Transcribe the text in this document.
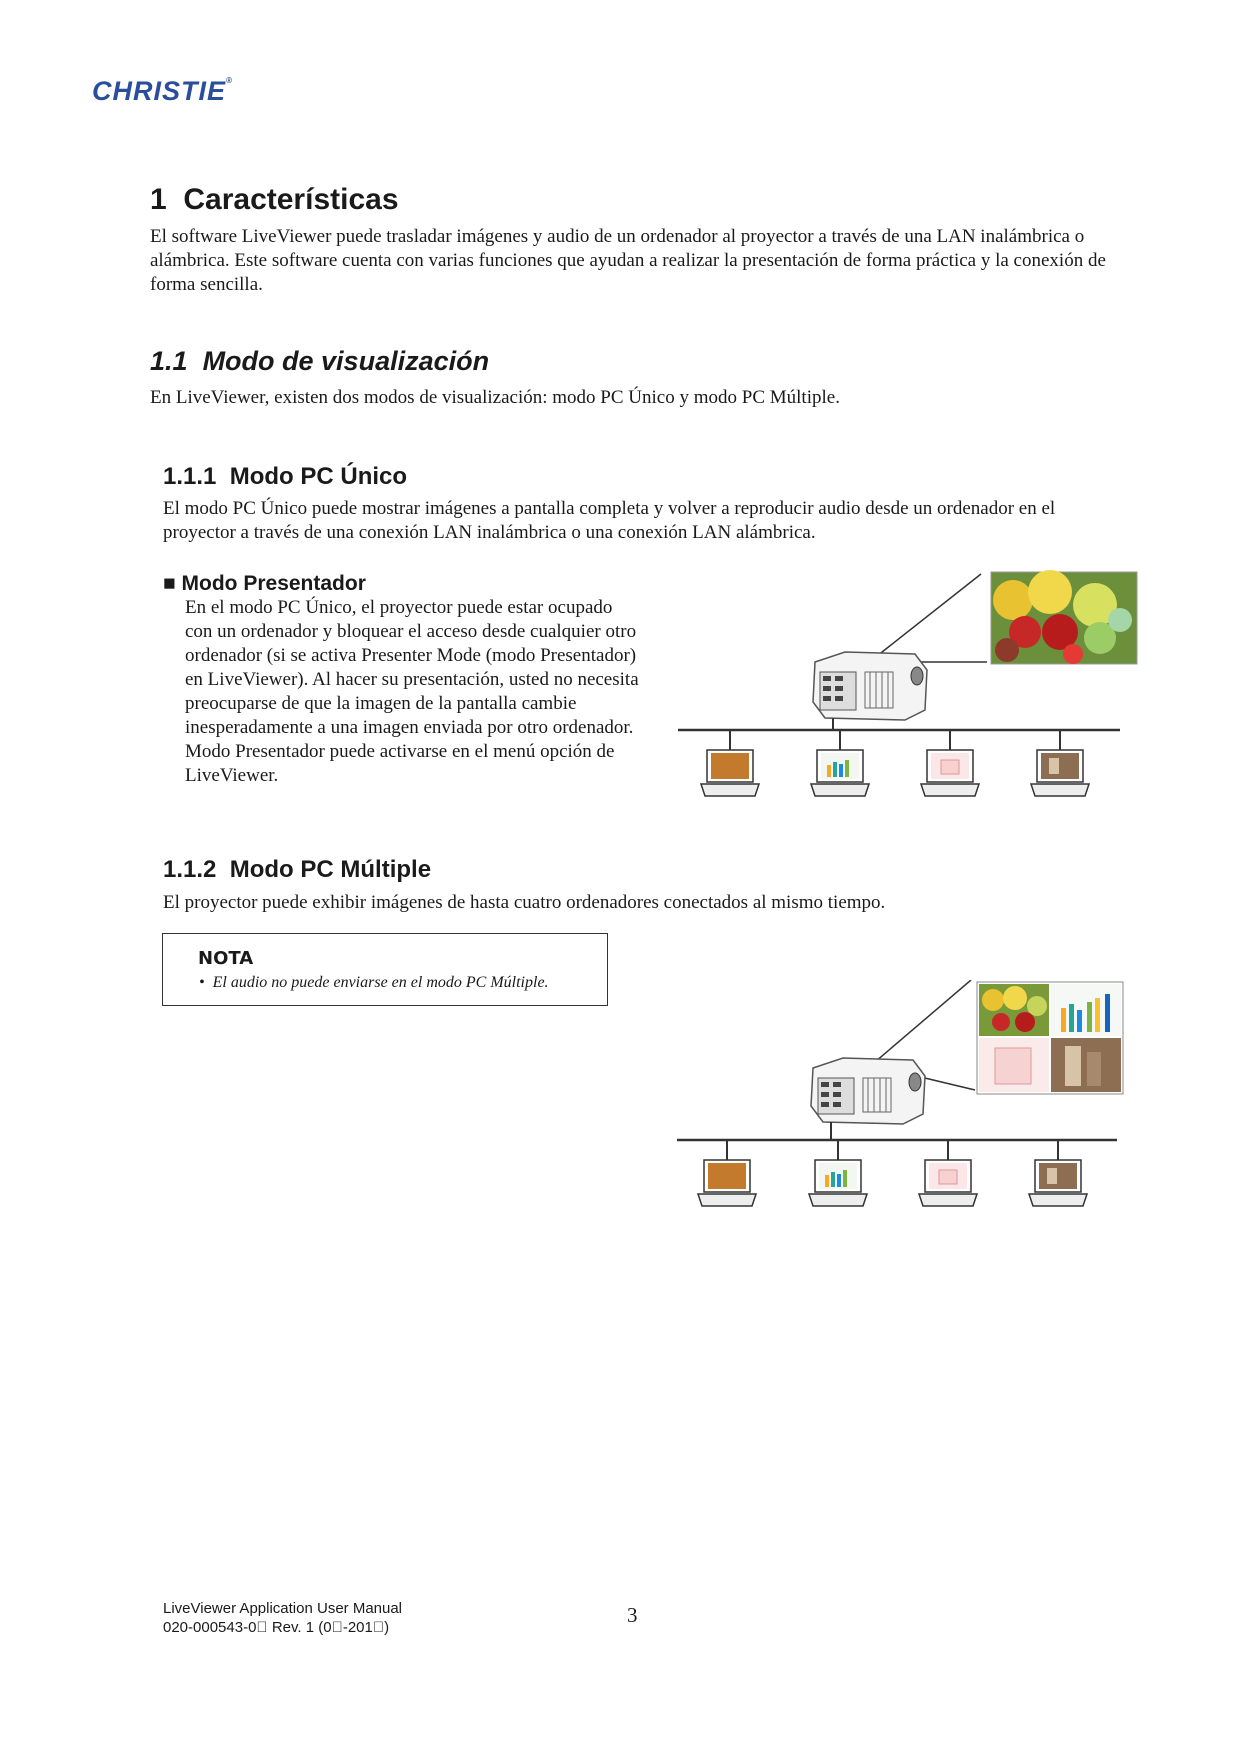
CHRISTIE®
1 Características

El software LiveViewer puede trasladar imágenes y audio de un ordenador al proyector a través de una LAN inalámbrica o alámbrica. Este software cuenta con varias funciones que ayudan a realizar la presentación de forma práctica y la conexión de forma sencilla.

1.1 Modo de visualización

En LiveViewer, existen dos modos de visualización: modo PC Único y modo PC Múltiple.

1.1.1 Modo PC Único

El modo PC Único puede mostrar imágenes a pantalla completa y volver a reproducir audio desde un ordenador en el proyector a través de una conexión LAN inalámbrica o una conexión LAN alámbrica.

■ Modo Presentador

En el modo PC Único, el proyector puede estar ocupado con un ordenador y bloquear el acceso desde cualquier otro ordenador (si se activa Presenter Mode (modo Presentador) en LiveViewer). Al hacer su presentación, usted no necesita preocuparse de que la imagen de la pantalla cambie inesperadamente a una imagen enviada por otro ordenador. Modo Presentador puede activarse en el menú opción de LiveViewer.

1.1.2 Modo PC Múltiple

El proyector puede exhibir imágenes de hasta cuatro ordenadores conectados al mismo tiempo.

NOTA
• El audio no puede enviarse en el modo PC Múltiple.
LiveViewer Application User Manual
020-000543-0  Rev. 1 (0 -201 )
3
